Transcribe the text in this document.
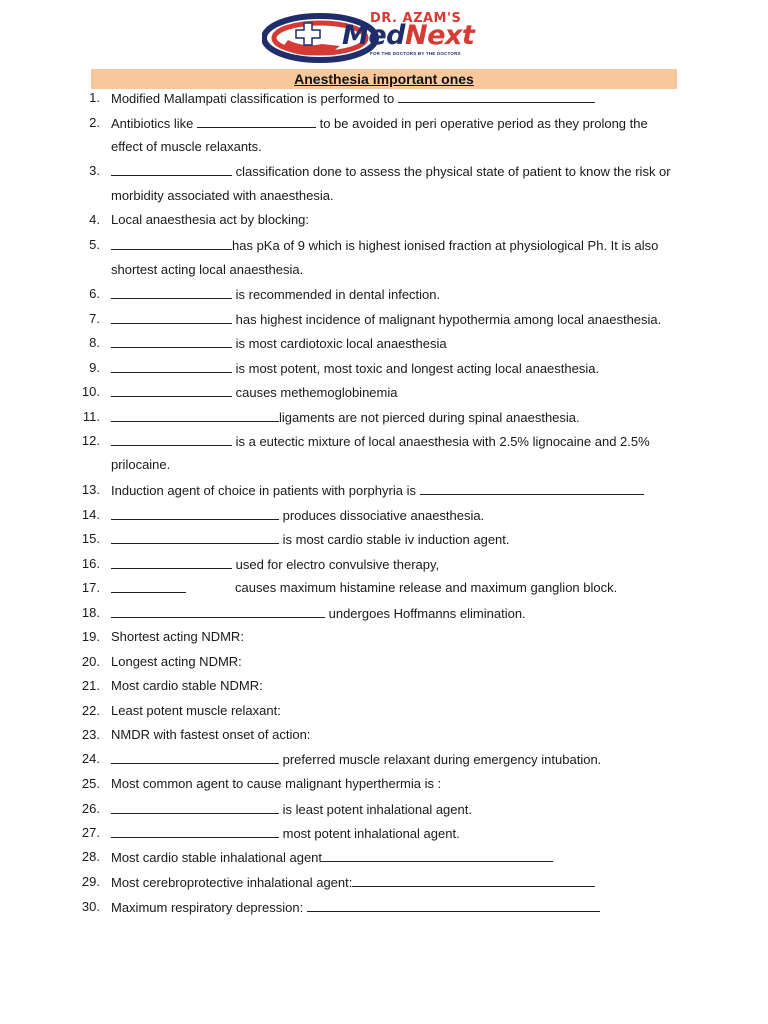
DR. AZAM'S
MedNext
FOR THE DOCTORS BY THE DOCTORS
Anesthesia important ones
1. Modified Mallampati classification is performed to
2. Antibiotics like	to be avoided in peri operative period as they prolong the
effect of muscle relaxants.
3.	classification done to assess the physical state of patient to know the risk or
morbidity associated with anaesthesia.
4. Local anaesthesia act by blocking:
5.	has pKa of 9 which is highest ionised fraction at physiological Ph. It is also
shortest acting local anaesthesia.
6.	is recommended in dental infection.
7.	has highest incidence of malignant hypothermia among local anaesthesia.
8.	is most cardiotoxic local anaesthesia
9.	is most potent, most toxic and longest acting local anaesthesia.
10.	causes methemoglobinemia
11.	ligaments are not pierced during spinal anaesthesia.
12.	is a eutectic mixture of local anaesthesia with 2.5% lignocaine and 2.5%
prilocaine.
13. Induction agent of choice in patients with porphyria is
14.	produces dissociative anaesthesia.
15.	is most cardio stable iv induction agent.
16.	used for electro convulsive therapy,
17.	causes maximum histamine release and maximum ganglion block.
18.	undergoes Hoffmanns elimination.
19. Shortest acting NDMR:
20. Longest acting NDMR:
21. Most cardio stable NDMR:
22. Least potent muscle relaxant:
23. NMDR with fastest onset of action:
24.	preferred muscle relaxant during emergency intubation.
25. Most common agent to cause malignant hyperthermia is :
26.	is least potent inhalational agent.
27.	most potent inhalational agent.
28. Most cardio stable inhalational agent
29. Most cerebroprotective inhalational agent:
30. Maximum respiratory depression:
